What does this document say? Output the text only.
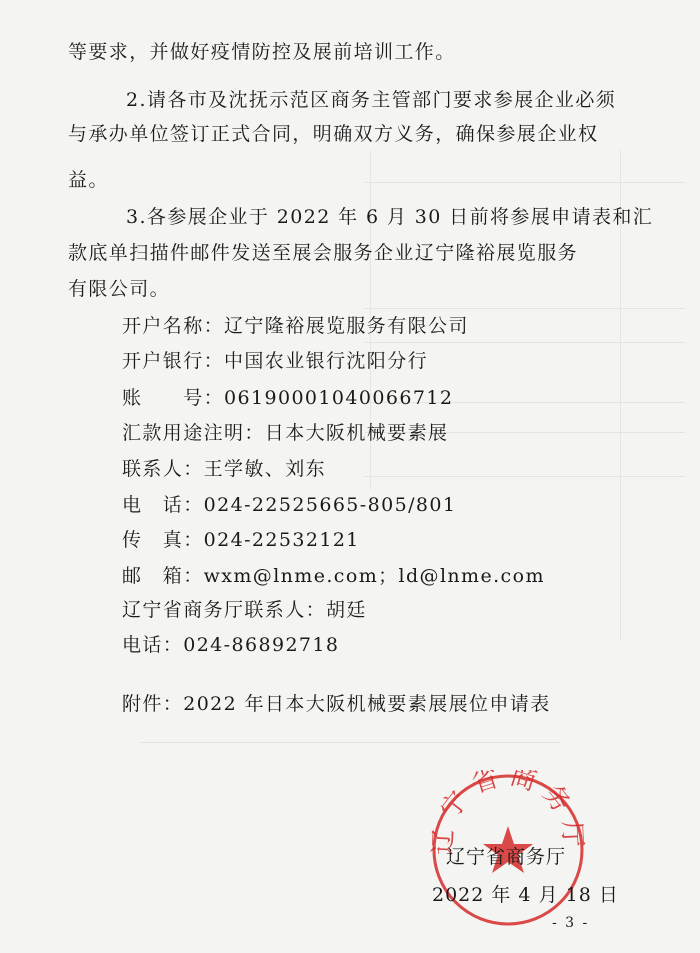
等要求，并做好疫情防控及展前培训工作。
2.请各市及沈抚示范区商务主管部门要求参展企业必须
与承办单位签订正式合同，明确双方义务，确保参展企业权
益。
3.各参展企业于 2022 年 6 月 30 日前将参展申请表和汇
款底单扫描件邮件发送至展会服务企业辽宁隆裕展览服务
有限公司。
开户名称：辽宁隆裕展览服务有限公司
开户银行：中国农业银行沈阳分行
账　　号：06190001040066712
汇款用途注明：日本大阪机械要素展
联系人：王学敏、刘东
电　话：024-22525665-805/801
传　真：024-22532121
邮　箱：wxm@lnme.com；ld@lnme.com
辽宁省商务厅联系人：胡廷
电话：024-86892718
附件：2022 年日本大阪机械要素展展位申请表
辽宁省商务厅
辽宁省商务厅
2022 年 4 月 18 日
- 3 -
